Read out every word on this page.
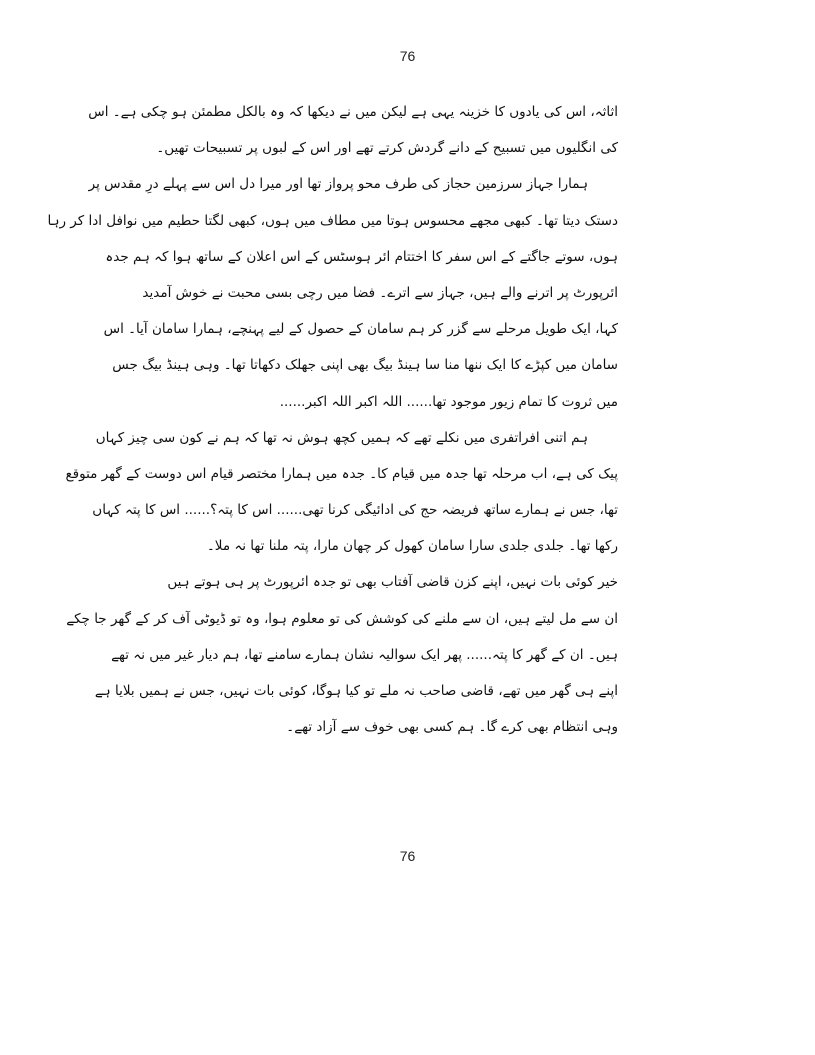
76
اثاثہ، اس کی یادوں کا خزینہ یہی ہے لیکن میں نے دیکھا کہ وہ بالکل مطمئن ہو چکی ہے۔ اس
کی انگلیوں میں تسبیح کے دانے گردش کرتے تھے اور اس کے لبوں پر تسبیحات تھیں۔
ہمارا جہاز سرزمین حجاز کی طرف محو پرواز تھا اور میرا دل اس سے پہلے درِ مقدس پر
دستک دیتا تھا۔ کبھی مجھے محسوس ہوتا میں مطاف میں ہوں، کبھی لگتا حطیم میں نوافل ادا کر رہا
ہوں، سوتے جاگتے کے اس سفر کا اختتام ائر ہوسٹس کے اس اعلان کے ساتھ ہوا کہ ہم جدہ
ائرپورٹ پر اترنے والے ہیں، جہاز سے اترے۔ فضا میں رچی بسی محبت نے خوش آمدید
کہا، ایک طویل مرحلے سے گزر کر ہم سامان کے حصول کے لیے پہنچے، ہمارا سامان آیا۔ اس
سامان میں کپڑے کا ایک ننھا منا سا ہینڈ بیگ بھی اپنی جھلک دکھاتا تھا۔ وہی ہینڈ بیگ جس
میں ثروت کا تمام زیور موجود تھا...... اللہ اکبر اللہ اکبر......
ہم اتنی افراتفری میں نکلے تھے کہ ہمیں کچھ ہوش نہ تھا کہ ہم نے کون سی چیز کہاں
پیک کی ہے، اب مرحلہ تھا جدہ میں قیام کا۔ جدہ میں ہمارا مختصر قیام اس دوست کے گھر متوقع
تھا، جس نے ہمارے ساتھ فریضہ حج کی ادائیگی کرنا تھی...... اس کا پتہ؟...... اس کا پتہ کہاں
رکھا تھا۔ جلدی جلدی سارا سامان کھول کر چھان مارا، پتہ ملنا تھا نہ ملا۔
خیر کوئی بات نہیں، اپنے کزن قاضی آفتاب بھی تو جدہ ائرپورٹ پر ہی ہوتے ہیں
ان سے مل لیتے ہیں، ان سے ملنے کی کوشش کی تو معلوم ہوا، وہ تو ڈیوٹی آف کر کے گھر جا چکے
ہیں۔ ان کے گھر کا پتہ...... پھر ایک سوالیہ نشان ہمارے سامنے تھا، ہم دیار غیر میں نہ تھے
اپنے ہی گھر میں تھے، قاضی صاحب نہ ملے تو کیا ہوگا، کوئی بات نہیں، جس نے ہمیں بلایا ہے
وہی انتظام بھی کرے گا۔ ہم کسی بھی خوف سے آزاد تھے۔
76
